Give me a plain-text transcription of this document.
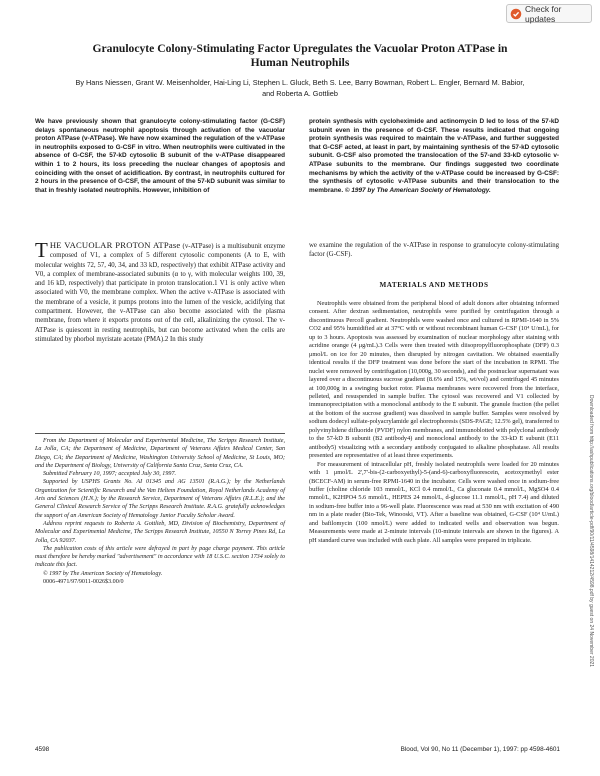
Check for updates
Granulocyte Colony-Stimulating Factor Upregulates the Vacuolar Proton ATPase in Human Neutrophils

By Hans Niessen, Grant W. Meisenholder, Hai-Ling Li, Stephen L. Gluck, Beth S. Lee, Barry Bowman, Robert L. Engler, Bernard M. Babior, and Roberta A. Gottlieb

We have previously shown that granulocyte colony-stimulating factor (G-CSF) delays spontaneous neutrophil apoptosis through activation of the vacuolar proton ATPase (v-ATPase). We have now examined the regulation of the v-ATPase in neutrophils exposed to G-CSF in vitro. When neutrophils were cultivated in the absence of G-CSF, the 57-kD cytosolic B subunit of the v-ATPase disappeared within 1 to 2 hours, its loss preceding the nuclear changes of apoptosis and coinciding with the onset of acidification. By contrast, in neutrophils cultured for 2 hours in the presence of G-CSF, the amount of the 57-kD subunit was similar to that in freshly isolated neutrophils. However, inhibition of

protein synthesis with cycloheximide and actinomycin D led to loss of the 57-kD subunit even in the presence of G-CSF. These results indicated that ongoing protein synthesis was required to maintain the v-ATPase, and further suggested that G-CSF acted, at least in part, by maintaining synthesis of the 57-kD cytosolic subunit. G-CSF also promoted the translocation of the 57-and 33-kD cytosolic v-ATPase subunits to the membrane. Our findings suggested two coordinate mechanisms by which the activity of the v-ATPase could be increased by G-CSF: the synthesis of cytosolic v-ATPase subunits and their translocation to the membrane. © 1997 by The American Society of Hematology.

THE VACUOLAR PROTON ATPase (v-ATPase) is a multisubunit enzyme composed of V1, a complex of 5 different cytosolic components (A to E, with molecular weights 72, 57, 40, 34, and 33 kD, respectively) that exhibit ATPase activity and V0, a complex of membrane-associated subunits (α to γ, with molecular weights 100, 39, and 16 kD, respectively) that participate in proton translocation.1 V1 is only active when associated with V0, the membrane complex. When the active v-ATPase is associated with the membrane of a vesicle, it pumps protons into the lumen of the vesicle, acidifying that compartment. However, the v-ATPase can also become associated with the plasma membrane, from where it exports protons out of the cell, alkalinizing the cytosol. The v-ATPase is quiescent in resting neutrophils, but can become activated when the cells are stimulated by phorbol myristate acetate (PMA).2 In this study

we examine the regulation of the v-ATPase in response to granulocyte colony-stimulating factor (G-CSF).

MATERIALS AND METHODS

Neutrophils were obtained from the peripheral blood of adult donors after obtaining informed consent. After dextran sedimentation, neutrophils were purified by centrifugation through a discontinuous Percoll gradient. Neutrophils were washed once and cultured in RPMI-1640 in 5% CO2 and 95% humidified air at 37°C with or without recombinant human G-CSF (10⁴ U/mL), for up to 3 hours. Apoptosis was assessed by examination of nuclear morphology after staining with acridine orange (4 μg/mL).3 Cells were then treated with diisopropylfluorophosphate (DFP) 0.3 μmol/L on ice for 20 minutes, then disrupted by nitrogen cavitation. We obtained essentially identical results if the DFP treatment was done before the start of the incubation in RPMI. The nuclei were removed by centrifugation (10,000g, 30 seconds), and the postnuclear supernatant was layered over a discontinuous sucrose gradient (8.6% and 15%, wt/vol) and centrifuged 45 minutes at 100,000g in a swinging bucket rotor. Plasma membranes were recovered from the interface, pelleted, and resuspended in sample buffer. The cytosol was recovered and V1 collected by immunoprecipitation with a monoclonal antibody to the E subunit. The granule fraction (the pellet at the bottom of the sucrose gradient) was dissolved in sample buffer. Samples were resolved by sodium dodecyl sulfate-polyacrylamide gel electrophoresis (SDS-PAGE; 12.5% gel), transferred to polyvinylidene difluoride (PVDF) nylon membranes, and immunoblotted with polyclonal antibody to the 57-kD B subunit (B2 antibody4) and monoclonal antibody to the 33-kD E subunit (E11 antibody5) visualizing with a secondary antibody conjugated to alkaline phosphatase. All results presented are representative of at least three experiments.

For measurement of intracellular pH, freshly isolated neutrophils were loaded for 20 minutes with 1 μmol/L 2',7'-bis-(2-carboxyethyl)-5-(and-6)-carboxyfluorescein, acetoxymethyl ester (BCECF-AM) in serum-free RPMI-1640 in the incubator. Cells were washed once in sodium-free buffer (choline chloride 103 mmol/L, KCl 0.4 mmol/L, Ca gluconate 0.4 mmol/L, MgSO4 0.4 mmol/L, K2HPO4 5.6 mmol/L, HEPES 24 mmol/L, d-glucose 11.1 mmol/L, pH 7.4) and diluted in sodium-free buffer into a 96-well plate. Fluorescence was read at 530 nm with excitation of 490 nm in a plate reader (Bio-Tek, Winooski, VT). After a baseline was obtained, G-CSF (10⁴ U/mL) and bafilomycin (100 nmol/L) were added to indicated wells and observation was begun. Measurements were made at 2-minute intervals (10-minute intervals are shown in the figures). A pH standard curve was included with each plate. All samples were prepared in triplicate.

From the Department of Molecular and Experimental Medicine, The Scripps Research Institute, La Jolla, CA; the Department of Medicine, Department of Veterans Affairs Medical Center, San Diego, CA; the Department of Medicine, Washington University School of Medicine, St Louis, MO; and the Department of Biology, University of California Santa Cruz, Santa Cruz, CA.

Submitted February 10, 1997; accepted July 30, 1997.

Supported by USPHS Grants No. AI 01345 and AG 13501 (R.A.G.); by the Netherlands Organization for Scientific Research and the Van Heltem Foundation, Royal Netherlands Academy of Arts and Sciences (H.N.); by the Research Service, Department of Veterans Affairs (R.L.E.); and the General Clinical Research Service of The Scripps Research Institute. R.A.G. gratefully acknowledges the support of an American Society of Hematology Junior Faculty Scholar Award.

Address reprint requests to Roberta A. Gottlieb, MD, Division of Biochemistry, Department of Molecular and Experimental Medicine, The Scripps Research Institute, 10550 N Torrey Pines Rd, La Jolla, CA 92037.

The publication costs of this article were defrayed in part by page charge payment. This article must therefore be hereby marked "advertisement" in accordance with 18 U.S.C. section 1734 solely to indicate this fact.

© 1997 by The American Society of Hematology.

0006-4971/97/9011-0026$3.00/0	Downloaded from http://ashpublications.org/blood/article-pdf/90/11/4598/1414212/4598.pdf by guest on 24 November 2021
4598	Blood, Vol 90, No 11 (December 1), 1997: pp 4598-4601
